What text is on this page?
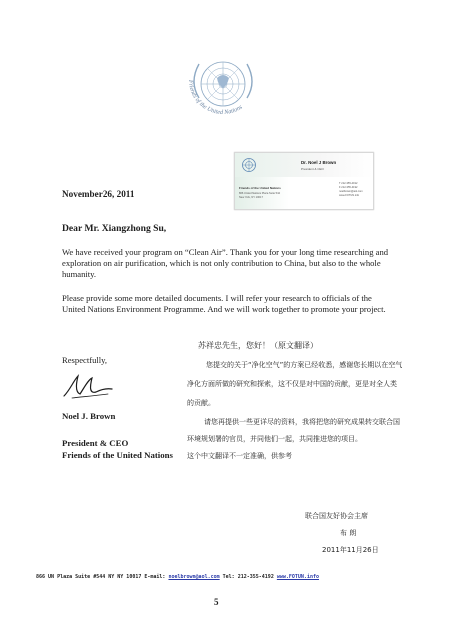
Friends of the United Nations
Dr. Noel J Brown
President & CEO
Friends of the United Nations
866 United Nations Plaza Suite 544
New York, NY 10017
T 212-355-4192
F 212-355-4192
noelbrown@aol.com
www.FOTUN.info
November26, 2011
Dear Mr. Xiangzhong Su,
We have received your program on “Clean Air”. Thank you for your long time researching and exploration on air purification, which is not only contribution to China, but also to the whole humanity.
Please provide some more detailed documents. I will refer your research to officials of the United Nations Environment Programme. And we will work together to promote your project.
Respectfully,
Noel J. Brown
President & CEO
Friends of the United Nations
苏祥忠先生，您好！（原文翻译）
您提交的关于“净化空气”的方案已经收悉，感谢您长期以在空气
净化方面所做的研究和探索，这不仅是对中国的贡献，更是对全人类
的贡献。
请您再提供一些更详尽的资料，我将把您的研究成果转交联合国
环境规划署的官员，并同他们一起，共同推进您的项目。
这个中文翻译不一定准确，供参考
联合国友好协会主席
布 朗
2011年11月26日
866 UN Plaza Suite #544 NY NY 10017 E-mail: noelbrown@aol.com Tel: 212-355-4192 www.FOTUN.info
5
